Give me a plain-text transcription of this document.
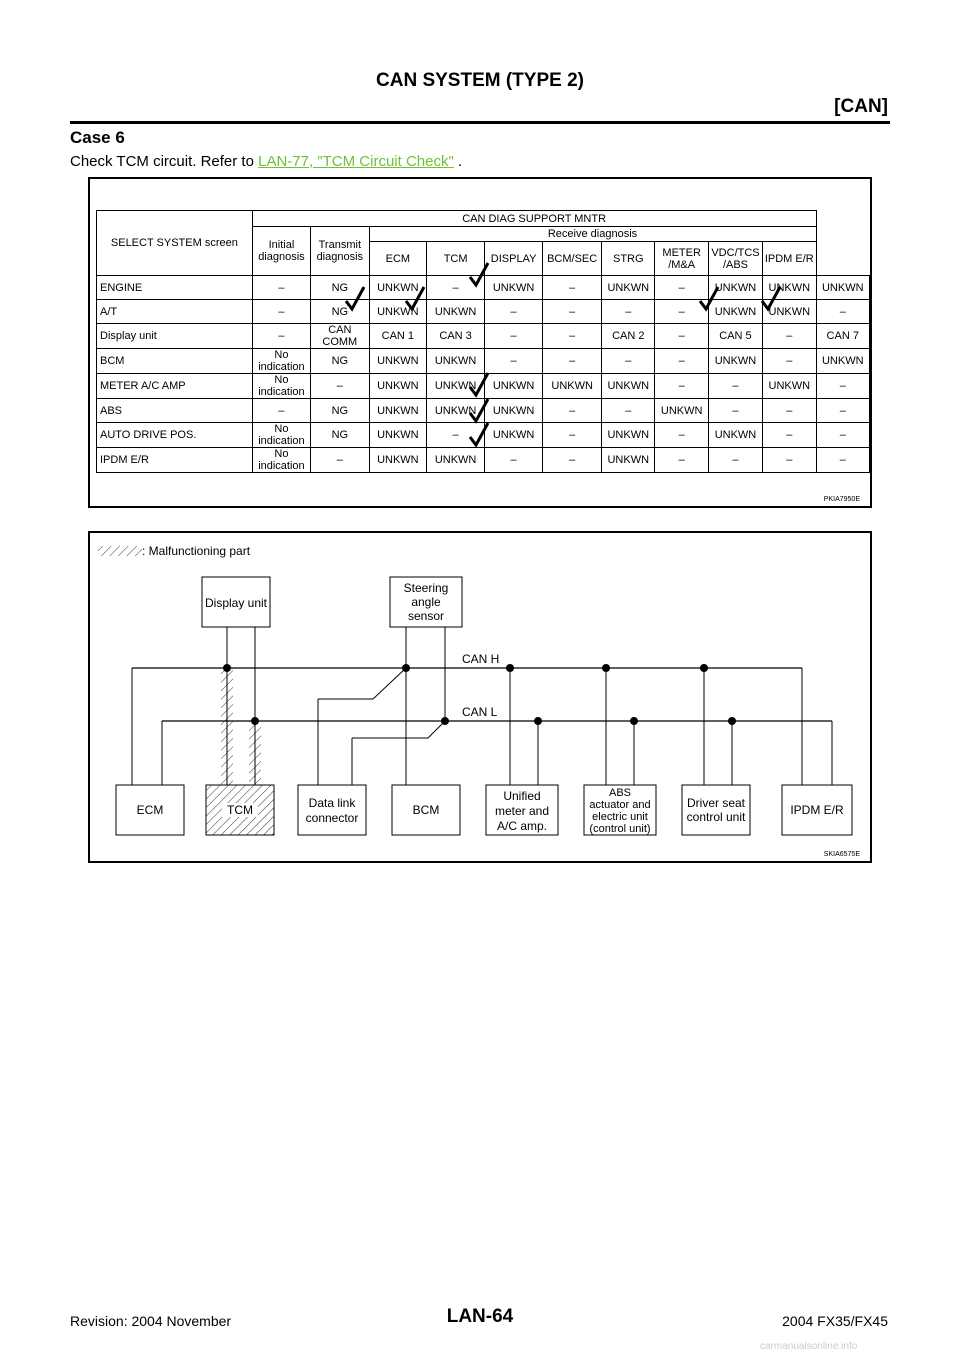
CAN SYSTEM (TYPE 2)
[CAN]
Case 6
Check TCM circuit. Refer to LAN-77, "TCM Circuit Check" .
SELECT SYSTEM screen	CAN DIAG SUPPORT MNTR										
	Initial diagnosis	Transmit diagnosis	Receive diagnosis								
			ECM	TCM	DISPLAY	BCM/SEC	STRG	METER /M&A	VDC/TCS /ABS	IPDM E/R	
ENGINE	–	NG	UNKWN	–	UNKWN	–	UNKWN	–	UNKWN	UNKWN	UNKWN
A/T	–	NG	UNKWN	UNKWN	–	–	–	–	UNKWN	UNKWN	–
Display unit	–	CAN COMM	CAN 1	CAN 3	–	–	CAN 2	–	CAN 5	–	CAN 7
BCM	No indication	NG	UNKWN	UNKWN	–	–	–	–	UNKWN	–	UNKWN
METER A/C AMP	No indication	–	UNKWN	UNKWN	UNKWN	UNKWN	UNKWN	–	–	UNKWN	–
ABS	–	NG	UNKWN	UNKWN	UNKWN	–	–	UNKWN	–	–	–
AUTO DRIVE POS.	No indication	NG	UNKWN	–	UNKWN	–	UNKWN	–	UNKWN	–	–
IPDM E/R	No indication	–	UNKWN	UNKWN	–	–	UNKWN	–	–	–	–
PKIA7950E
: Malfunctioning part
CAN H
CAN L
Display unit
Steering
angle
sensor
ECM	TCM	Data link
connector
BCM
Unified
meter and
A/C amp.
ABS
actuator and
electric unit
(control unit)
Driver seat
control unit	IPDM E/R
SKIA6575E
Revision: 2004 November	LAN-64	2004 FX35/FX45
carmanualsonline.info
